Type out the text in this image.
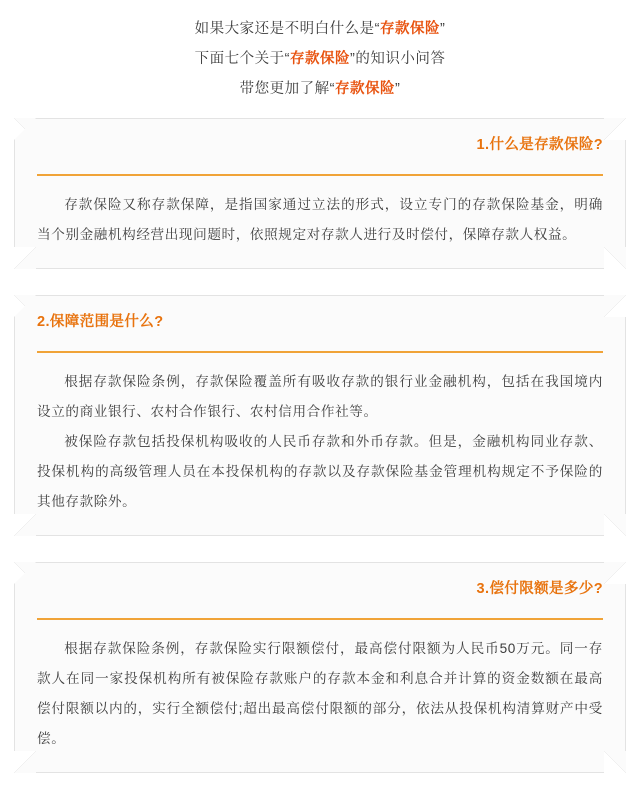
如果大家还是不明白什么是“存款保险”
下面七个关于“存款保险”的知识小问答
带您更加了解“存款保险”
1.什么是存款保险?

存款保险又称存款保障，是指国家通过立法的形式，设立专门的存款保险基金，明确当个别金融机构经营出现问题时，依照规定对存款人进行及时偿付，保障存款人权益。

2.保障范围是什么?

根据存款保险条例，存款保险覆盖所有吸收存款的银行业金融机构，包括在我国境内设立的商业银行、农村合作银行、农村信用合作社等。

被保险存款包括投保机构吸收的人民币存款和外币存款。但是，金融机构同业存款、投保机构的高级管理人员在本投保机构的存款以及存款保险基金管理机构规定不予保险的其他存款除外。

3.偿付限额是多少?

根据存款保险条例，存款保险实行限额偿付，最高偿付限额为人民币50万元。同一存款人在同一家投保机构所有被保险存款账户的存款本金和利息合并计算的资金数额在最高偿付限额以内的，实行全额偿付;超出最高偿付限额的部分，依法从投保机构清算财产中受偿。
